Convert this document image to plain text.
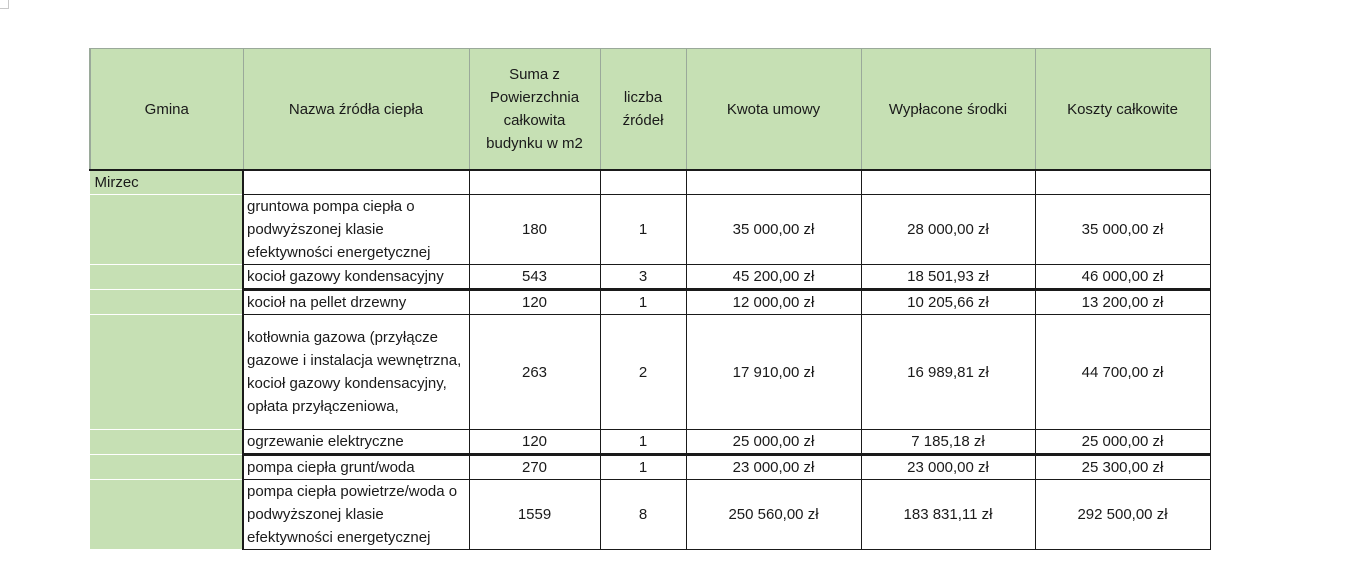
Gmina	Nazwa źródła ciepła	Suma z Powierzchnia całkowita budynku w m2	liczba źródeł	Kwota umowy	Wypłacone środki	Koszty całkowite
Mirzec						
	gruntowa pompa ciepła o podwyższonej klasie efektywności energetycznej	180	1	35 000,00 zł	28 000,00 zł	35 000,00 zł
	kocioł gazowy kondensacyjny	543	3	45 200,00 zł	18 501,93 zł	46 000,00 zł
	kocioł na pellet drzewny	120	1	12 000,00 zł	10 205,66 zł	13 200,00 zł
	kotłownia gazowa (przyłącze gazowe i instalacja wewnętrzna, kocioł gazowy kondensacyjny, opłata przyłączeniowa,	263	2	17 910,00 zł	16 989,81 zł	44 700,00 zł
	ogrzewanie elektryczne	120	1	25 000,00 zł	7 185,18 zł	25 000,00 zł
	pompa ciepła grunt/woda	270	1	23 000,00 zł	23 000,00 zł	25 300,00 zł
	pompa ciepła powietrze/woda o podwyższonej klasie efektywności energetycznej	1559	8	250 560,00 zł	183 831,11 zł	292 500,00 zł
